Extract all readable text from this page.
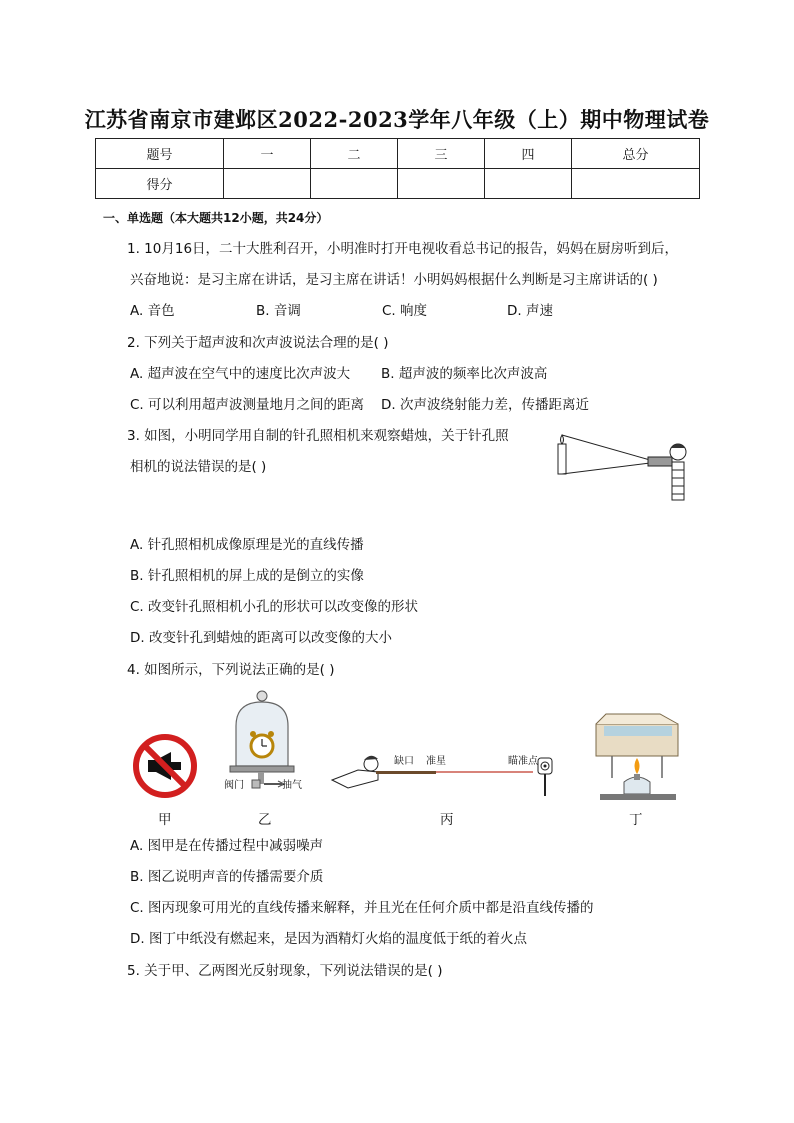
江苏省南京市建邺区2022-2023学年八年级（上）期中物理试卷
题号	一	二	三	四	总分
得分					
一、单选题（本大题共12小题，共24分）
1. 10月16日，二十大胜利召开，小明准时打开电视收看总书记的报告，妈妈在厨房听到后，
兴奋地说：是习主席在讲话，是习主席在讲话！小明妈妈根据什么判断是习主席讲话的( )
A. 音色	B. 音调	C. 响度	D. 声速
2. 下列关于超声波和次声波说法合理的是( )
A. 超声波在空气中的速度比次声波大 B. 超声波的频率比次声波高
C. 可以利用超声波测量地月之间的距离 D. 次声波绕射能力差，传播距离近
3. 如图，小明同学用自制的针孔照相机来观察蜡烛，关于针孔照
相机的说法错误的是( )
A. 针孔照相机成像原理是光的直线传播
B. 针孔照相机的屏上成的是倒立的实像
C. 改变针孔照相机小孔的形状可以改变像的形状
D. 改变针孔到蜡烛的距离可以改变像的大小
4. 如图所示，下列说法正确的是( )
阀门	抽气
缺口 准星	瞄准点
甲	乙	丙	丁
A. 图甲是在传播过程中减弱噪声
B. 图乙说明声音的传播需要介质
C. 图丙现象可用光的直线传播来解释，并且光在任何介质中都是沿直线传播的
D. 图丁中纸没有燃起来，是因为酒精灯火焰的温度低于纸的着火点
5. 关于甲、乙两图光反射现象，下列说法错误的是( )
